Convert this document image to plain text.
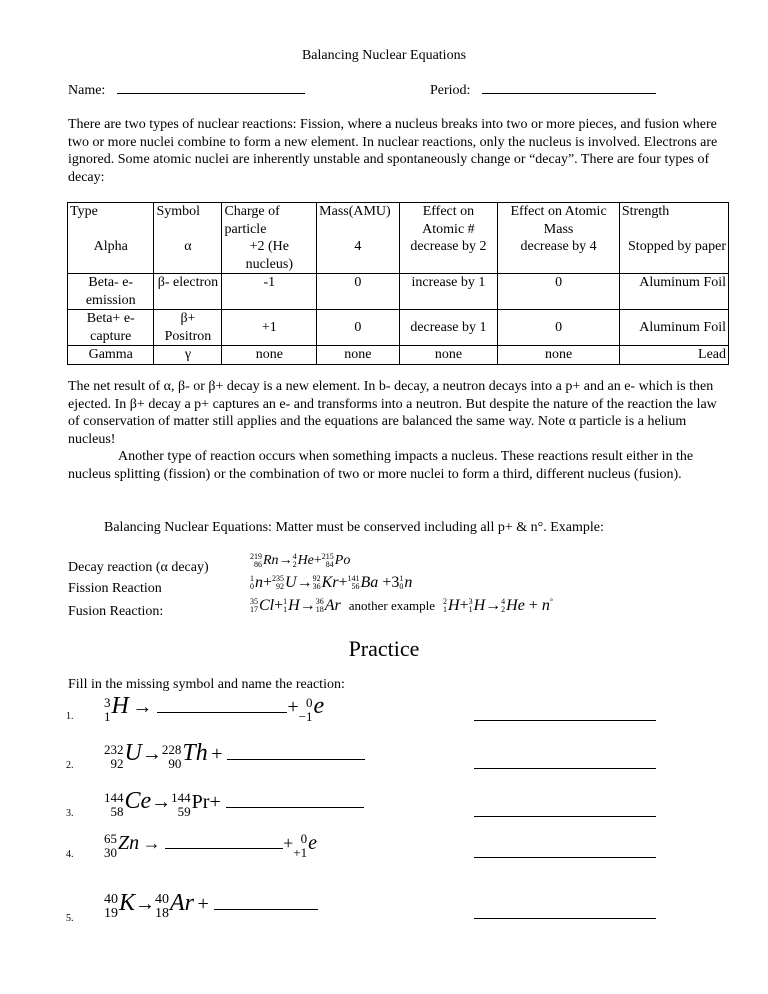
Balancing Nuclear Equations
Name:	Period:
There are two types of nuclear reactions: Fission, where a nucleus breaks into two or more pieces, and fusion where two or more nuclei combine to form a new element. In nuclear reactions, only the nucleus is involved. Electrons are ignored. Some atomic nuclei are inherently unstable and spontaneously change or “decay”. There are four types of decay:
Type	Symbol	Charge of particle	Mass(AMU)	Effect on Atomic #	Effect on Atomic Mass	Strength
Alpha	α	+2 (He nucleus)	4	decrease by 2	decrease by 4	Stopped by paper
Beta- e- emission	β- electron	-1	0	increase by 1	0	Aluminum Foil
Beta+ e- capture	β+ Positron	+1	0	decrease by 1	0	Aluminum Foil
Gamma	γ	none	none	none	none	Lead
The net result of α, β- or β+ decay is a new element. In b- decay, a neutron decays into a p+ and an e- which is then ejected. In β+ decay a p+ captures an e- and transforms into a neutron. But despite the nature of the reaction the law of conservation of matter still applies and the equations are balanced the same way. Note α particle is a helium nucleus!
Another type of reaction occurs when something impacts a nucleus. These reactions result either in the nucleus splitting (fission) or the combination of two or more nuclei to form a third, different nucleus (fusion).
Balancing Nuclear Equations: Matter must be conserved including all p+ & n°. Example:
Decay reaction (α decay)
219
86 Rn→ 4
2 He+ 215
84 Po
Fission Reaction
1
0 n+ 235
92 U→ 92
36 Kr+ 141
56 Ba +3 1
0 n
Fusion Reaction:
35
17 Cl+ 1
1 H→ 36
18 Ar another example 2
1 H+ 3
1 H→ 4
2 He + n°
Practice
Fill in the missing symbol and name the reaction:
1.
3
1 H →	+ 0
−1 e
2.
232
92 U→ 228
90 Th +
3.
144
58 Ce→ 144
59 Pr+
4.
65
30 Zn →	+ 0
+1 e
5.
40
19 K→ 40
18 Ar +
